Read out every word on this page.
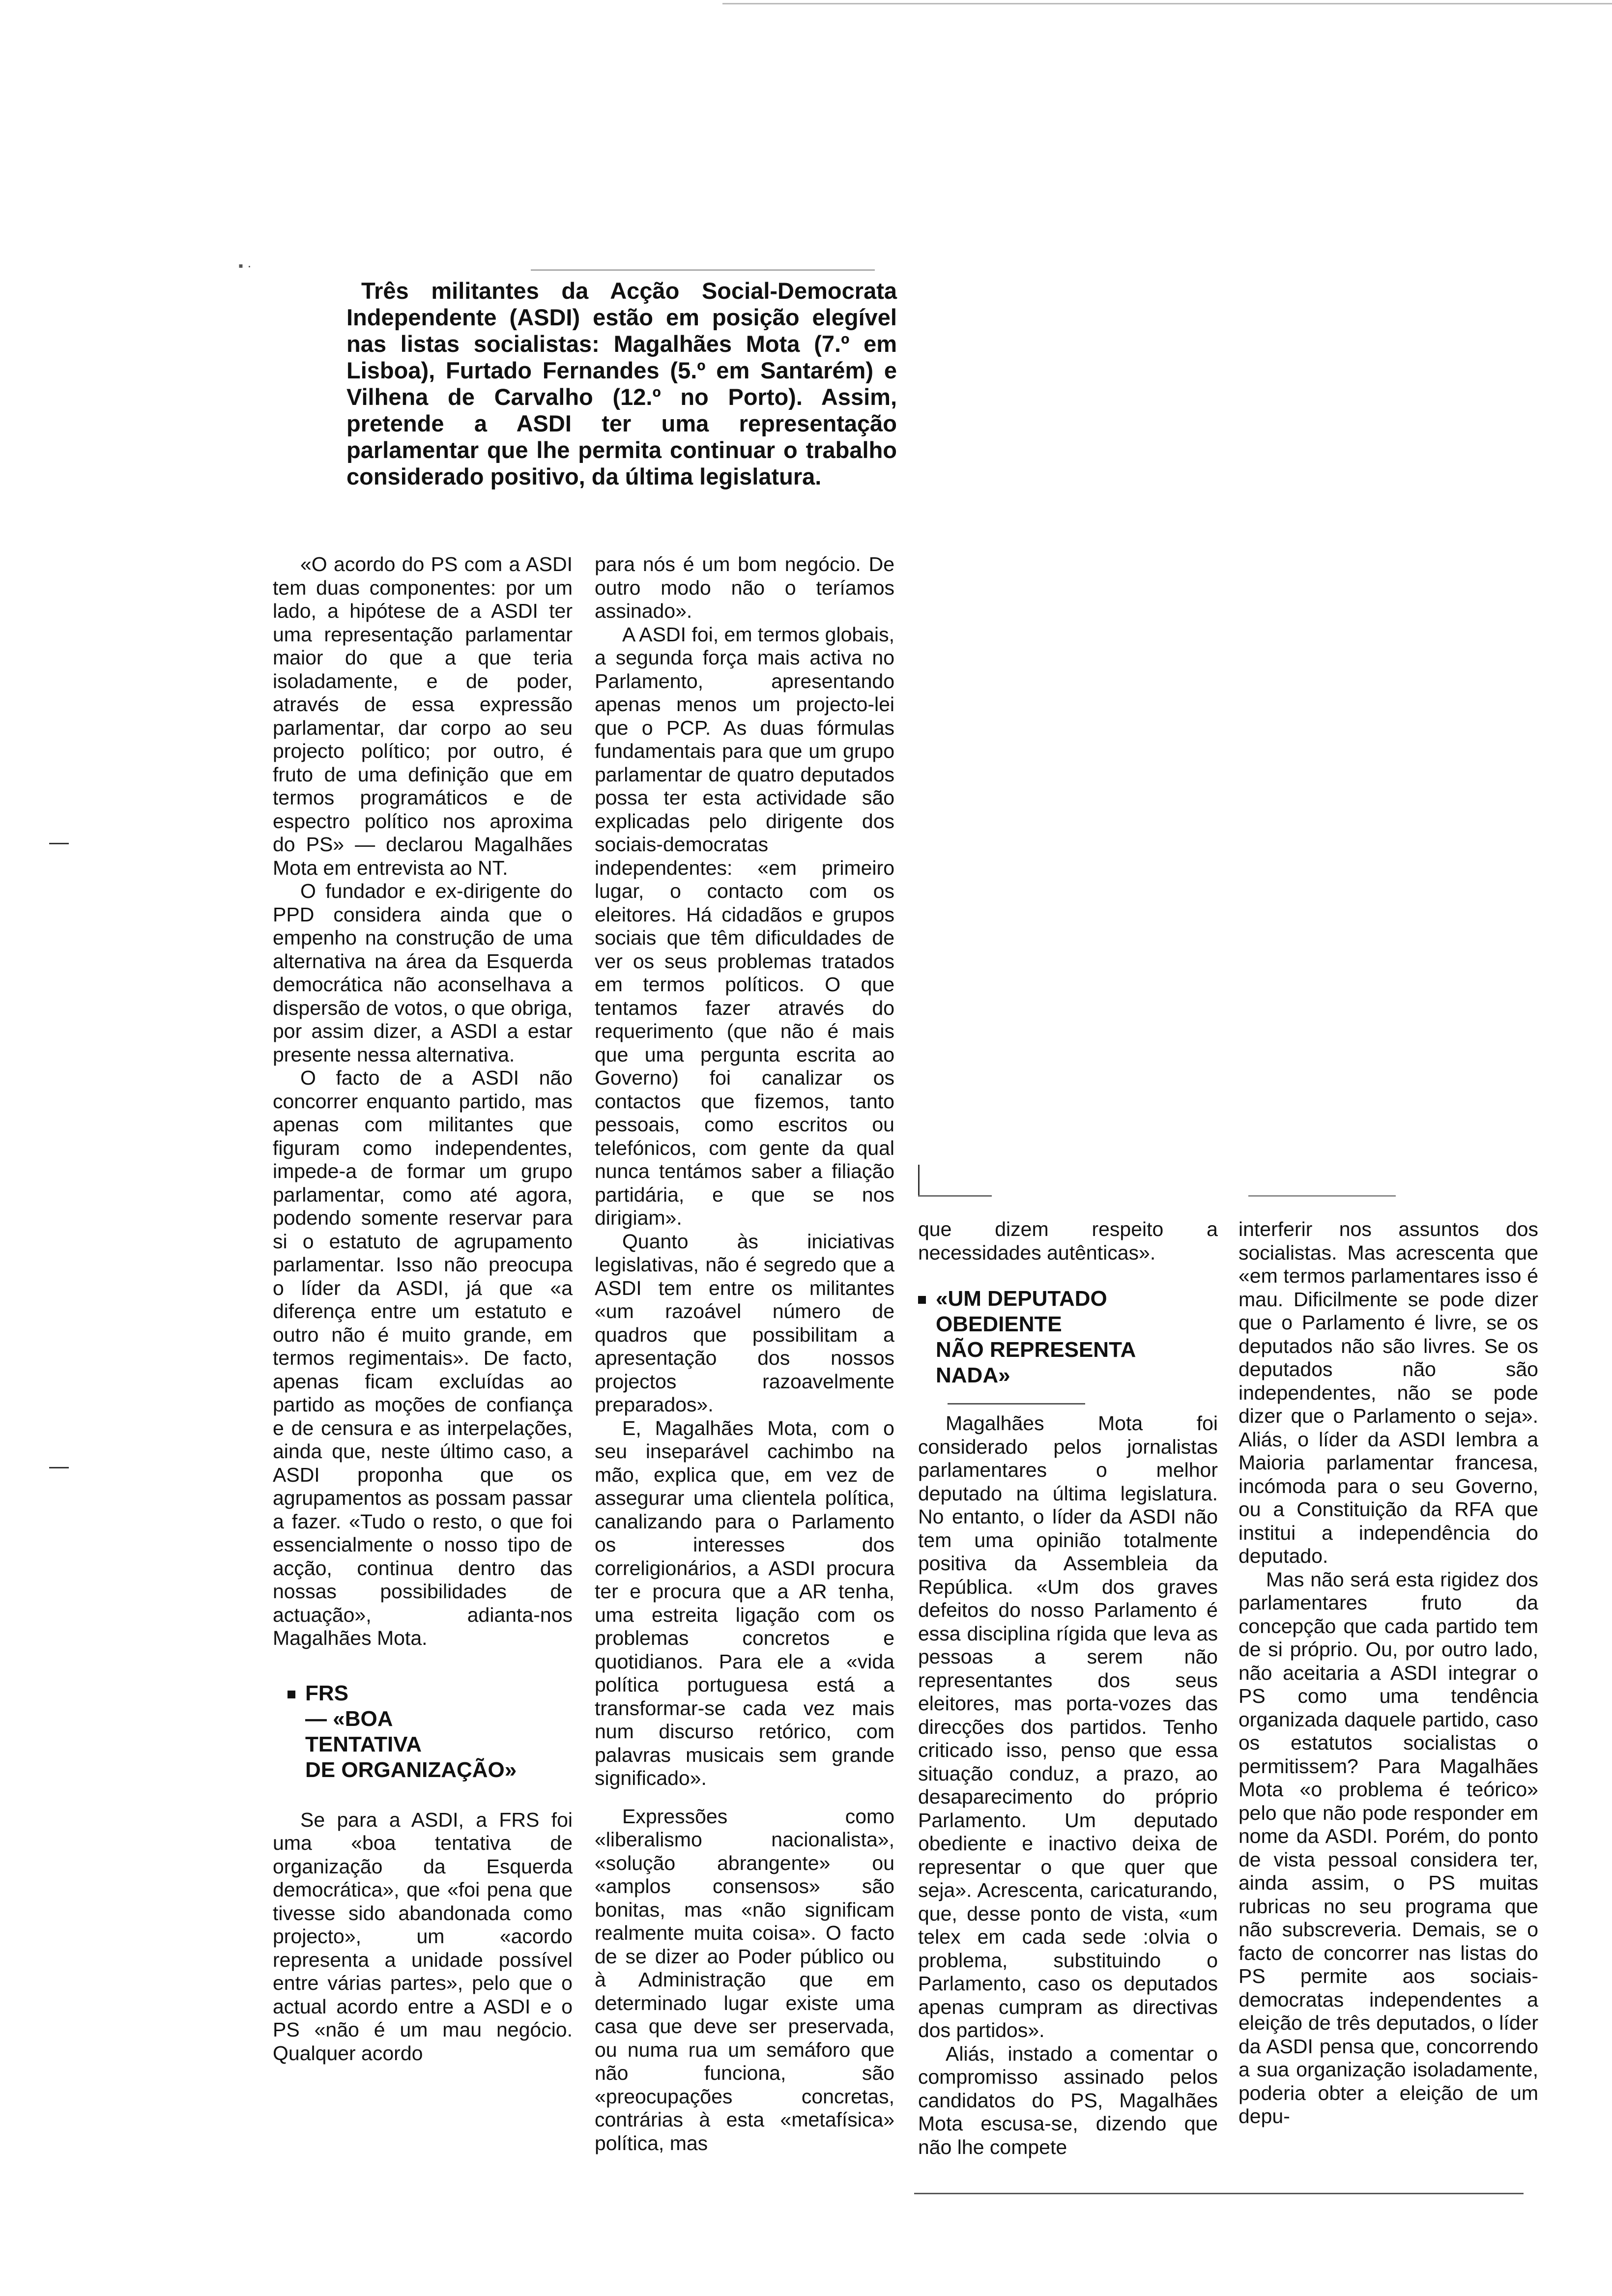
▪ ·
Três militantes da Acção Social-Democrata Independente (ASDI) estão em posição elegível nas listas socialistas: Magalhães Mota (7.º em Lisboa), Furtado Fernandes (5.º em Santarém) e Vilhena de Carvalho (12.º no Porto). Assim, pretende a ASDI ter uma representação parlamentar que lhe permita continuar o trabalho considerado positivo, da última legislatura.

«O acordo do PS com a ASDI tem duas componentes: por um lado, a hipótese de a ASDI ter uma representação parlamentar maior do que a que teria isoladamente, e de poder, através de essa expressão parlamentar, dar corpo ao seu projecto político; por outro, é fruto de uma definição que em termos programáticos e de espectro político nos aproxima do PS» — declarou Magalhães Mota em entrevista ao NT.

O fundador e ex-dirigente do PPD considera ainda que o empenho na construção de uma alternativa na área da Esquerda democrática não aconselhava a dispersão de votos, o que obriga, por assim dizer, a ASDI a estar presente nessa alternativa.

O facto de a ASDI não concorrer enquanto partido, mas apenas com militantes que figuram como independentes, impede-a de formar um grupo parlamentar, como até agora, podendo somente reservar para si o estatuto de agrupamento parlamentar. Isso não preocupa o líder da ASDI, já que «a diferença entre um estatuto e outro não é muito grande, em termos regimentais». De facto, apenas ficam excluídas ao partido as moções de confiança e de censura e as interpelações, ainda que, neste último caso, a ASDI proponha que os agrupamentos as possam passar a fazer. «Tudo o resto, o que foi essencialmente o nosso tipo de acção, continua dentro das nossas possibilidades de actuação», adianta-nos Magalhães Mota.

FRS
— «BOA
TENTATIVA
DE ORGANIZAÇÃO»

Se para a ASDI, a FRS foi uma «boa tentativa de organização da Esquerda democrática», que «foi pena que tivesse sido abandonada como projecto», um «acordo representa a unidade possível entre várias partes», pelo que o actual acordo entre a ASDI e o PS «não é um mau negócio. Qualquer acordo

para nós é um bom negócio. De outro modo não o teríamos assinado».

A ASDI foi, em termos globais, a segunda força mais activa no Parlamento, apresentando apenas menos um projecto-lei que o PCP. As duas fórmulas fundamentais para que um grupo parlamentar de quatro deputados possa ter esta actividade são explicadas pelo dirigente dos sociais-democratas independentes: «em primeiro lugar, o contacto com os eleitores. Há cidadãos e grupos sociais que têm dificuldades de ver os seus problemas tratados em termos políticos. O que tentamos fazer através do requerimento (que não é mais que uma pergunta escrita ao Governo) foi canalizar os contactos que fizemos, tanto pessoais, como escritos ou telefónicos, com gente da qual nunca tentámos saber a filiação partidária, e que se nos dirigiam».

Quanto às iniciativas legislativas, não é segredo que a ASDI tem entre os militantes «um razoável número de quadros que possibilitam a apresentação dos nossos projectos razoavelmente preparados».

E, Magalhães Mota, com o seu inseparável cachimbo na mão, explica que, em vez de assegurar uma clientela política, canalizando para o Parlamento os interesses dos correligionários, a ASDI procura ter e procura que a AR tenha, uma estreita ligação com os problemas concretos e quotidianos. Para ele a «vida política portuguesa está a transformar-se cada vez mais num discurso retórico, com palavras musicais sem grande significado».

Expressões como «liberalismo nacionalista», «solução abrangente» ou «amplos consensos» são bonitas, mas «não significam realmente muita coisa». O facto de se dizer ao Poder público ou à Administração que em determinado lugar existe uma casa que deve ser preservada, ou numa rua um semáforo que não funciona, são «preocupações concretas, contrárias à esta «metafísica» política, mas

que dizem respeito a necessidades autênticas».

«UM DEPUTADO
OBEDIENTE
NÃO REPRESENTA
NADA»

Magalhães Mota foi considerado pelos jornalistas parlamentares o melhor deputado na última legislatura. No entanto, o líder da ASDI não tem uma opinião totalmente positiva da Assembleia da República. «Um dos graves defeitos do nosso Parlamento é essa disciplina rígida que leva as pessoas a serem não representantes dos seus eleitores, mas porta-vozes das direcções dos partidos. Tenho criticado isso, penso que essa situação conduz, a prazo, ao desaparecimento do próprio Parlamento. Um deputado obediente e inactivo deixa de representar o que quer que seja». Acrescenta, caricaturando, que, desse ponto de vista, «um telex em cada sede :olvia o problema, substituindo o Parlamento, caso os deputados apenas cumpram as directivas dos partidos».

Aliás, instado a comentar o compromisso assinado pelos candidatos do PS, Magalhães Mota escusa-se, dizendo que não lhe compete

interferir nos assuntos dos socialistas. Mas acrescenta que «em termos parlamentares isso é mau. Dificilmente se pode dizer que o Parlamento é livre, se os deputados não são livres. Se os deputados não são independentes, não se pode dizer que o Parlamento o seja». Aliás, o líder da ASDI lembra a Maioria parlamentar francesa, incómoda para o seu Governo, ou a Constituição da RFA que institui a independência do deputado.

Mas não será esta rigidez dos parlamentares fruto da concepção que cada partido tem de si próprio. Ou, por outro lado, não aceitaria a ASDI integrar o PS como uma tendência organizada daquele partido, caso os estatutos socialistas o permitissem? Para Magalhães Mota «o problema é teórico» pelo que não pode responder em nome da ASDI. Porém, do ponto de vista pessoal considera ter, ainda assim, o PS muitas rubricas no seu programa que não subscreveria. Demais, se o facto de concorrer nas listas do PS permite aos sociais-democratas independentes a eleição de três deputados, o líder da ASDI pensa que, concorrendo a sua organização isoladamente, poderia obter a eleição de um depu-
